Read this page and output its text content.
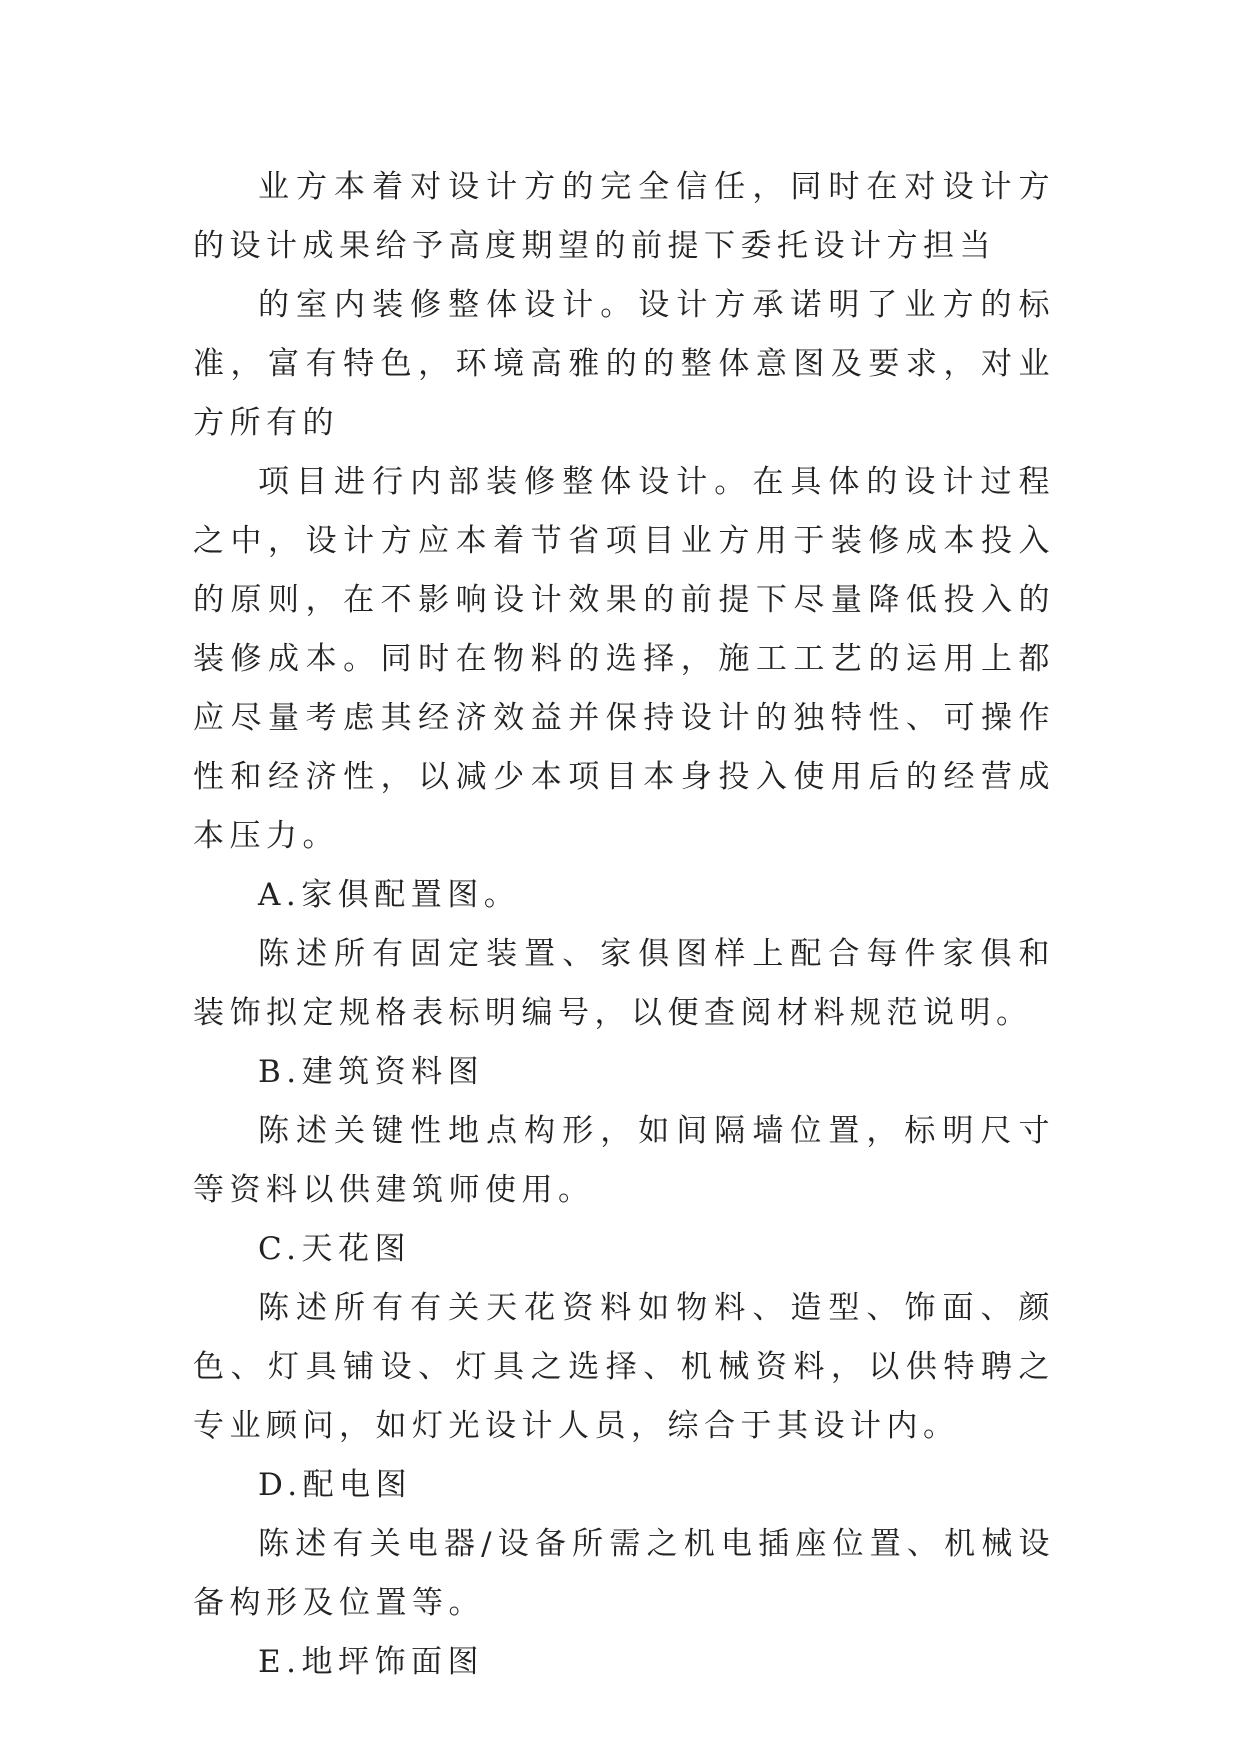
业方本着对设计方的完全信任，同时在对设计方的设计成果给予高度期望的前提下委托设计方担当

的室内装修整体设计。设计方承诺明了业方的标准，富有特色，环境高雅的的整体意图及要求，对业方所有的

项目进行内部装修整体设计。在具体的设计过程之中，设计方应本着节省项目业方用于装修成本投入的原则，在不影响设计效果的前提下尽量降低投入的装修成本。同时在物料的选择，施工工艺的运用上都应尽量考虑其经济效益并保持设计的独特性、可操作性和经济性，以减少本项目本身投入使用后的经营成本压力。

A.家俱配置图。

陈述所有固定装置、家俱图样上配合每件家俱和装饰拟定规格表标明编号，以便查阅材料规范说明。

B.建筑资料图

陈述关键性地点构形，如间隔墙位置，标明尺寸等资料以供建筑师使用。

C.天花图

陈述所有有关天花资料如物料、造型、饰面、颜色、灯具铺设、灯具之选择、机械资料，以供特聘之专业顾问，如灯光设计人员，综合于其设计内。

D.配电图

陈述有关电器/设备所需之机电插座位置、机械设备构形及位置等。

E.地坪饰面图
